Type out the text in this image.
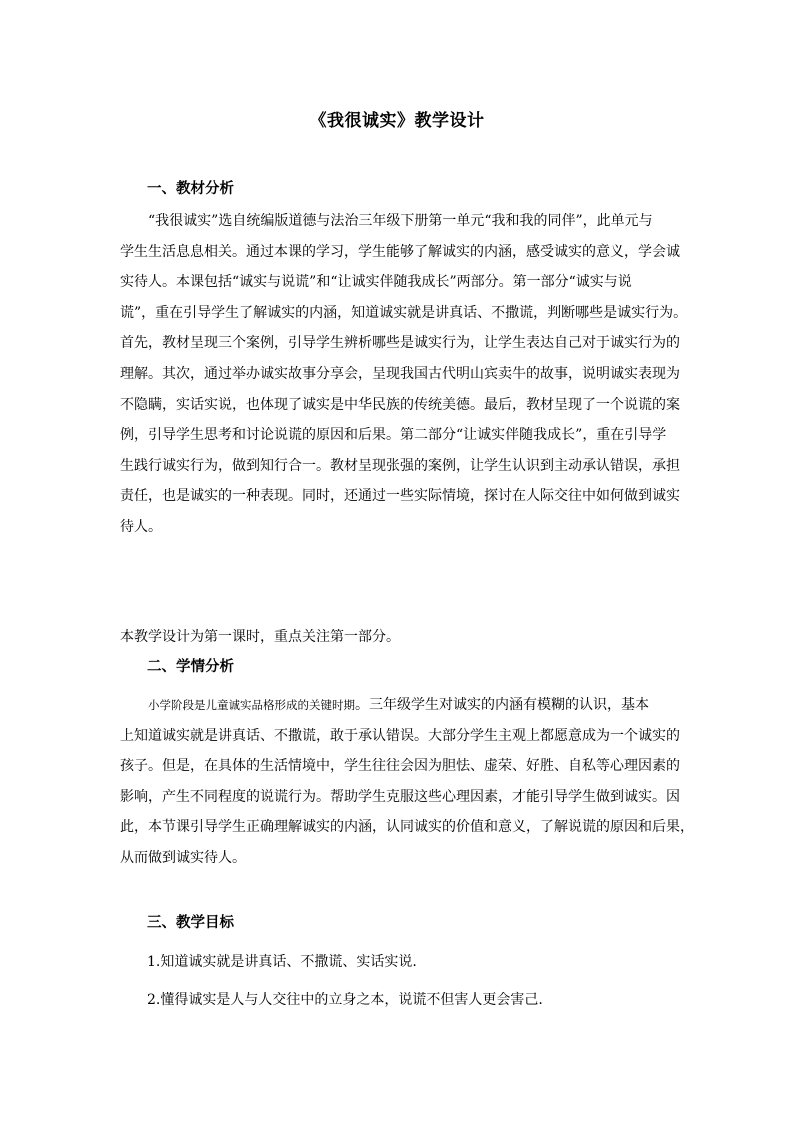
《我很诚实》教学设计
一、教材分析
“我很诚实”选自统编版道德与法治三年级下册第一单元“我和我的同伴”，此单元与
学生生活息息相关。通过本课的学习，学生能够了解诚实的内涵，感受诚实的意义，学会诚
实待人。本课包括“诚实与说谎”和“让诚实伴随我成长”两部分。第一部分“诚实与说
谎”，重在引导学生了解诚实的内涵，知道诚实就是讲真话、不撒谎，判断哪些是诚实行为。
首先，教材呈现三个案例，引导学生辨析哪些是诚实行为，让学生表达自己对于诚实行为的
理解。其次，通过举办诚实故事分享会，呈现我国古代明山宾卖牛的故事，说明诚实表现为
不隐瞒，实话实说，也体现了诚实是中华民族的传统美德。最后，教材呈现了一个说谎的案
例，引导学生思考和讨论说谎的原因和后果。第二部分“让诚实伴随我成长”，重在引导学
生践行诚实行为，做到知行合一。教材呈现张强的案例，让学生认识到主动承认错误，承担
责任，也是诚实的一种表现。同时，还通过一些实际情境，探讨在人际交往中如何做到诚实
待人。
本教学设计为第一课时，重点关注第一部分。
二、学情分析
小学阶段是儿童诚实品格形成的关键时期。三年级学生对诚实的内涵有模糊的认识，基本
上知道诚实就是讲真话、不撒谎，敢于承认错误。大部分学生主观上都愿意成为一个诚实的
孩子。但是，在具体的生活情境中，学生往往会因为胆怯、虚荣、好胜、自私等心理因素的
影响，产生不同程度的说谎行为。帮助学生克服这些心理因素，才能引导学生做到诚实。因
此，本节课引导学生正确理解诚实的内涵，认同诚实的价值和意义，了解说谎的原因和后果，
从而做到诚实待人。
三、教学目标
1.知道诚实就是讲真话、不撒谎、实话实说.
2.懂得诚实是人与人交往中的立身之本，说谎不但害人更会害己.
